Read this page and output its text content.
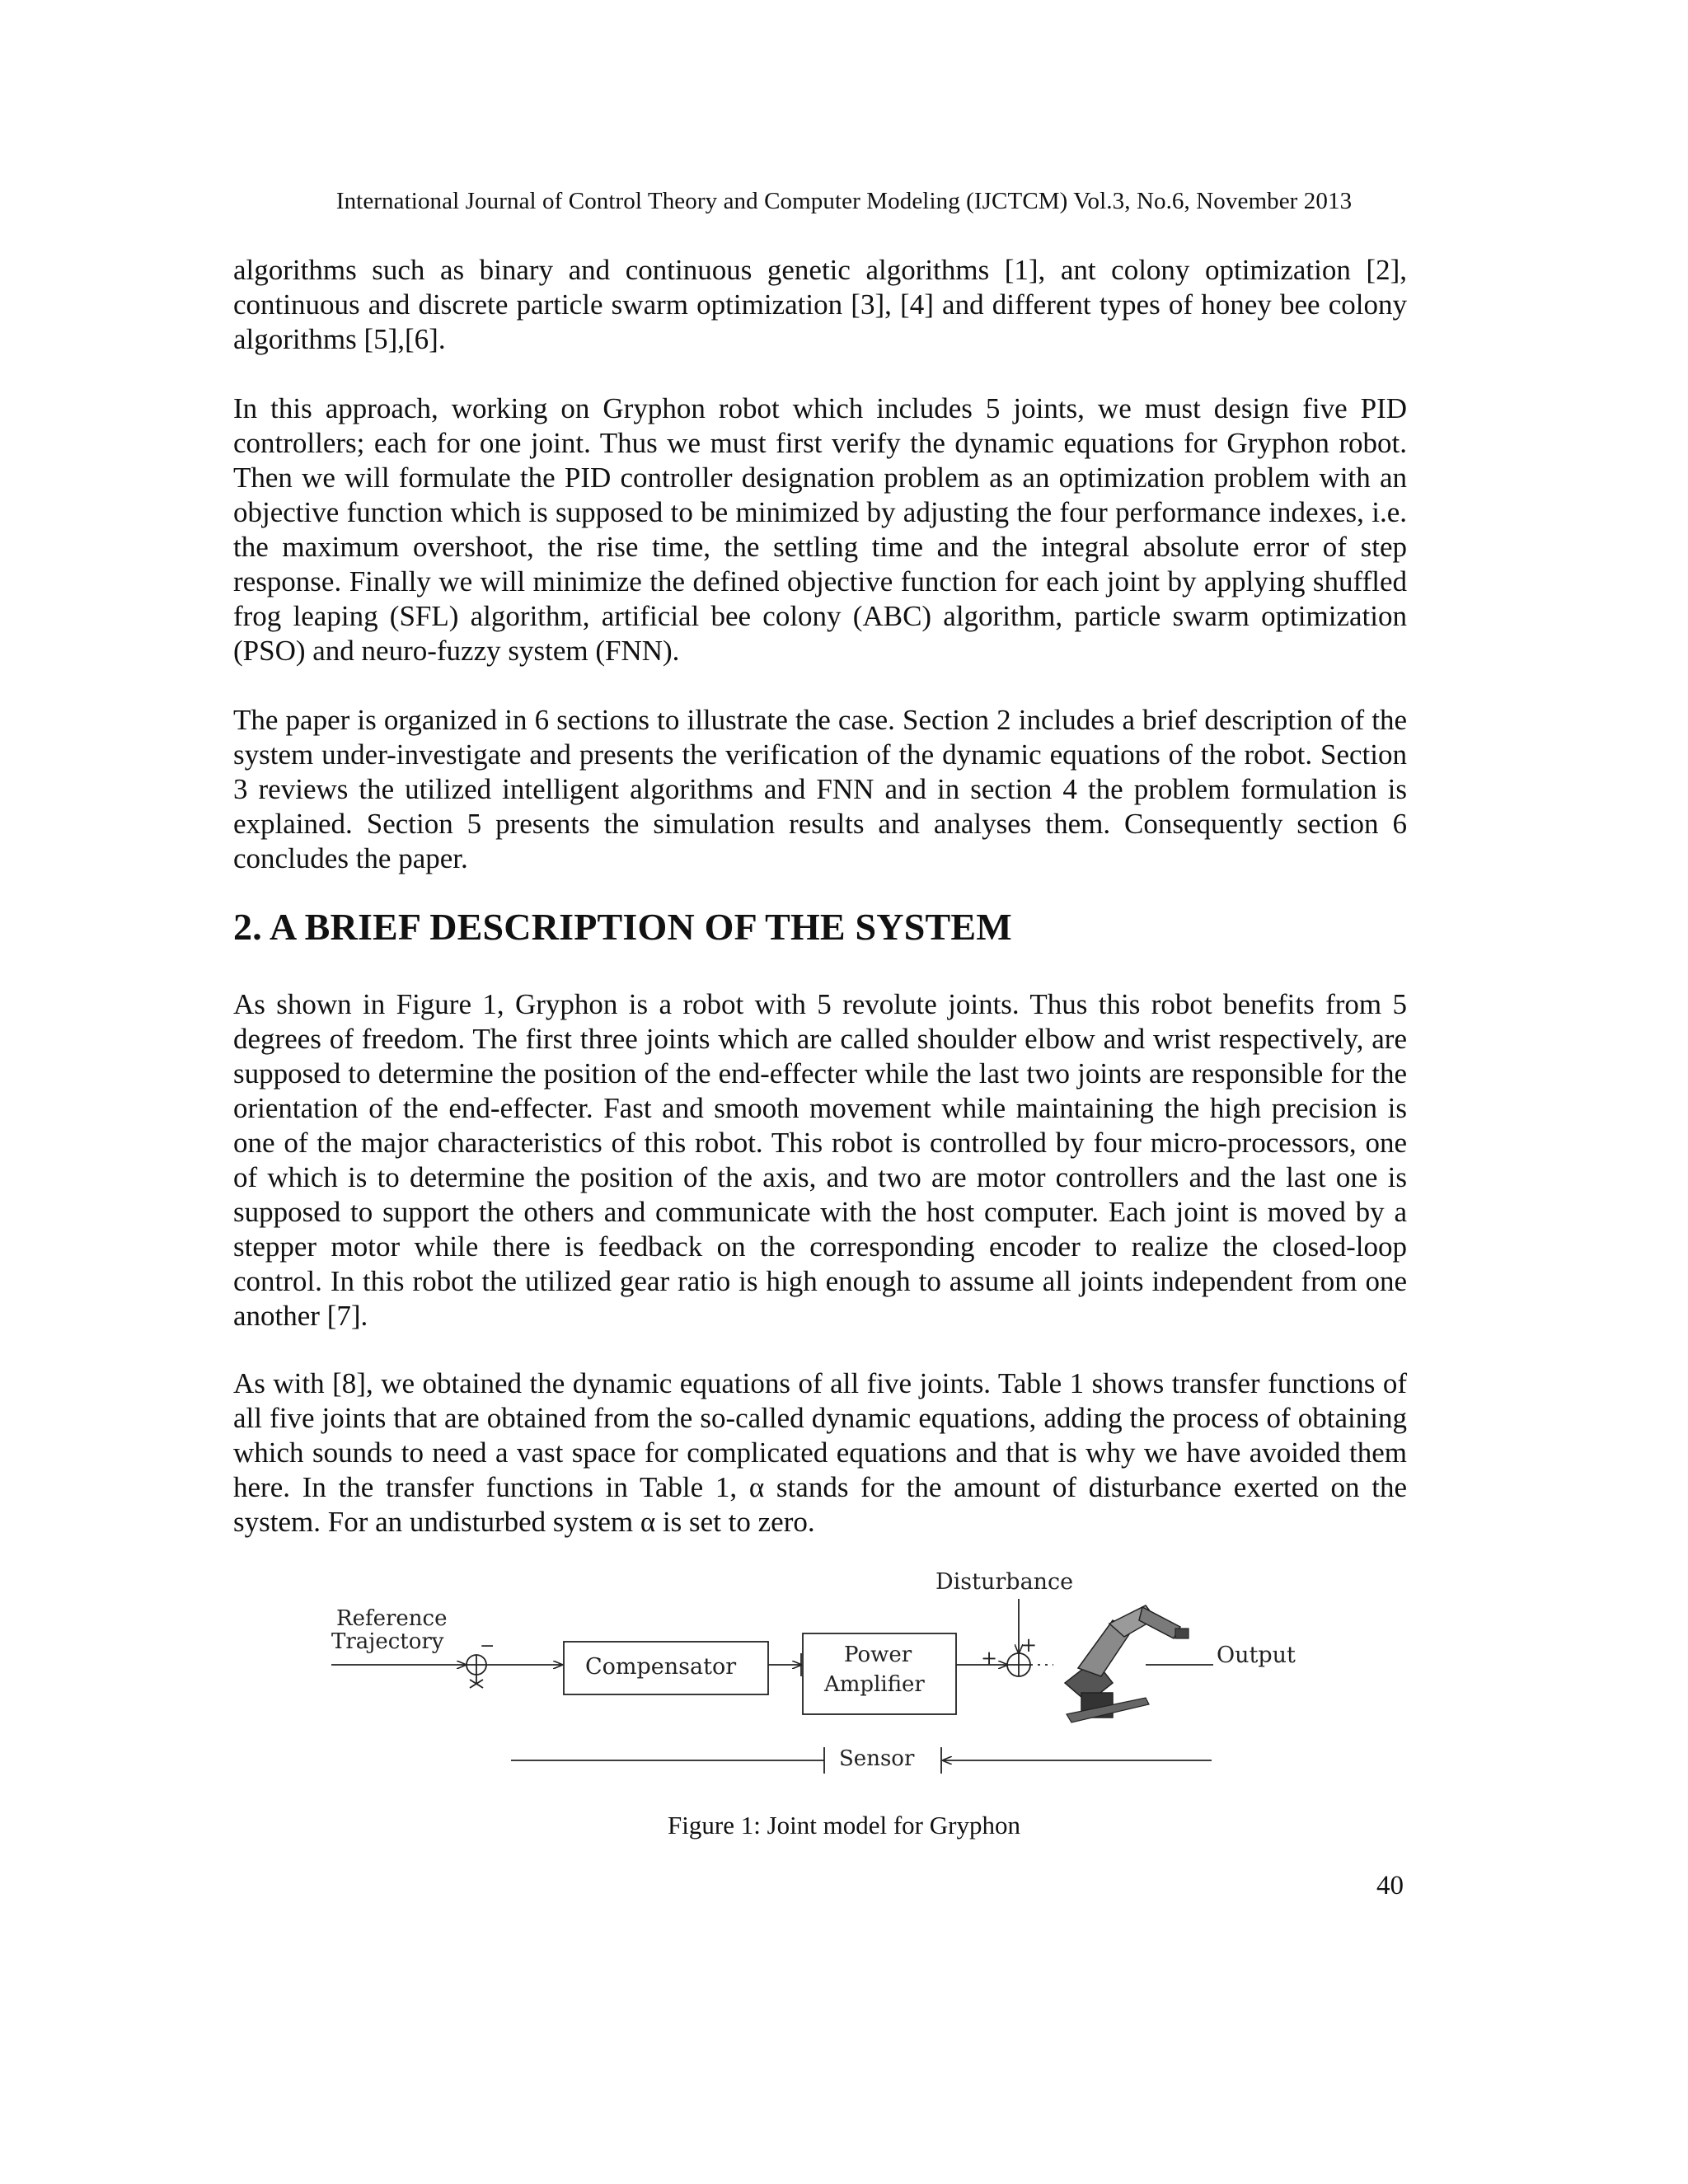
International Journal of Control Theory and Computer Modeling (IJCTCM) Vol.3, No.6, November 2013

algorithms such as binary and continuous genetic algorithms [1], ant colony optimization [2], continuous and discrete particle swarm optimization [3], [4] and different types of honey bee colony algorithms [5],[6].

In this approach, working on Gryphon robot which includes 5 joints, we must design five PID controllers; each for one joint. Thus we must first verify the dynamic equations for Gryphon robot. Then we will formulate the PID controller designation problem as an optimization problem with an objective function which is supposed to be minimized by adjusting the four performance indexes, i.e. the maximum overshoot, the rise time, the settling time and the integral absolute error of step response. Finally we will minimize the defined objective function for each joint by applying shuffled frog leaping (SFL) algorithm, artificial bee colony (ABC) algorithm, particle swarm optimization (PSO) and neuro-fuzzy system (FNN).

The paper is organized in 6 sections to illustrate the case. Section 2 includes a brief description of the system under-investigate and presents the verification of the dynamic equations of the robot. Section 3 reviews the utilized intelligent algorithms and FNN and in section 4 the problem formulation is explained. Section 5 presents the simulation results and analyses them. Consequently section 6 concludes the paper.

2. A BRIEF DESCRIPTION OF THE SYSTEM

As shown in Figure 1, Gryphon is a robot with 5 revolute joints. Thus this robot benefits from 5 degrees of freedom. The first three joints which are called shoulder elbow and wrist respectively, are supposed to determine the position of the end-effecter while the last two joints are responsible for the orientation of the end-effecter. Fast and smooth movement while maintaining the high precision is one of the major characteristics of this robot. This robot is controlled by four micro-processors, one of which is to determine the position of the axis, and two are motor controllers and the last one is supposed to support the others and communicate with the host computer. Each joint is moved by a stepper motor while there is feedback on the corresponding encoder to realize the closed-loop control. In this robot the utilized gear ratio is high enough to assume all joints independent from one another [7].

As with [8], we obtained the dynamic equations of all five joints. Table 1 shows transfer functions of all five joints that are obtained from the so-called dynamic equations, adding the process of obtaining which sounds to need a vast space for complicated equations and that is why we have avoided them here. In the transfer functions in Table 1, α stands for the amount of disturbance exerted on the system. For an undisturbed system α is set to zero.

Reference
Trajectory −
Compensator	Power
Amplifier
Disturbance
+
+	Output
Sensor
Figure 1: Joint model for Gryphon
40
